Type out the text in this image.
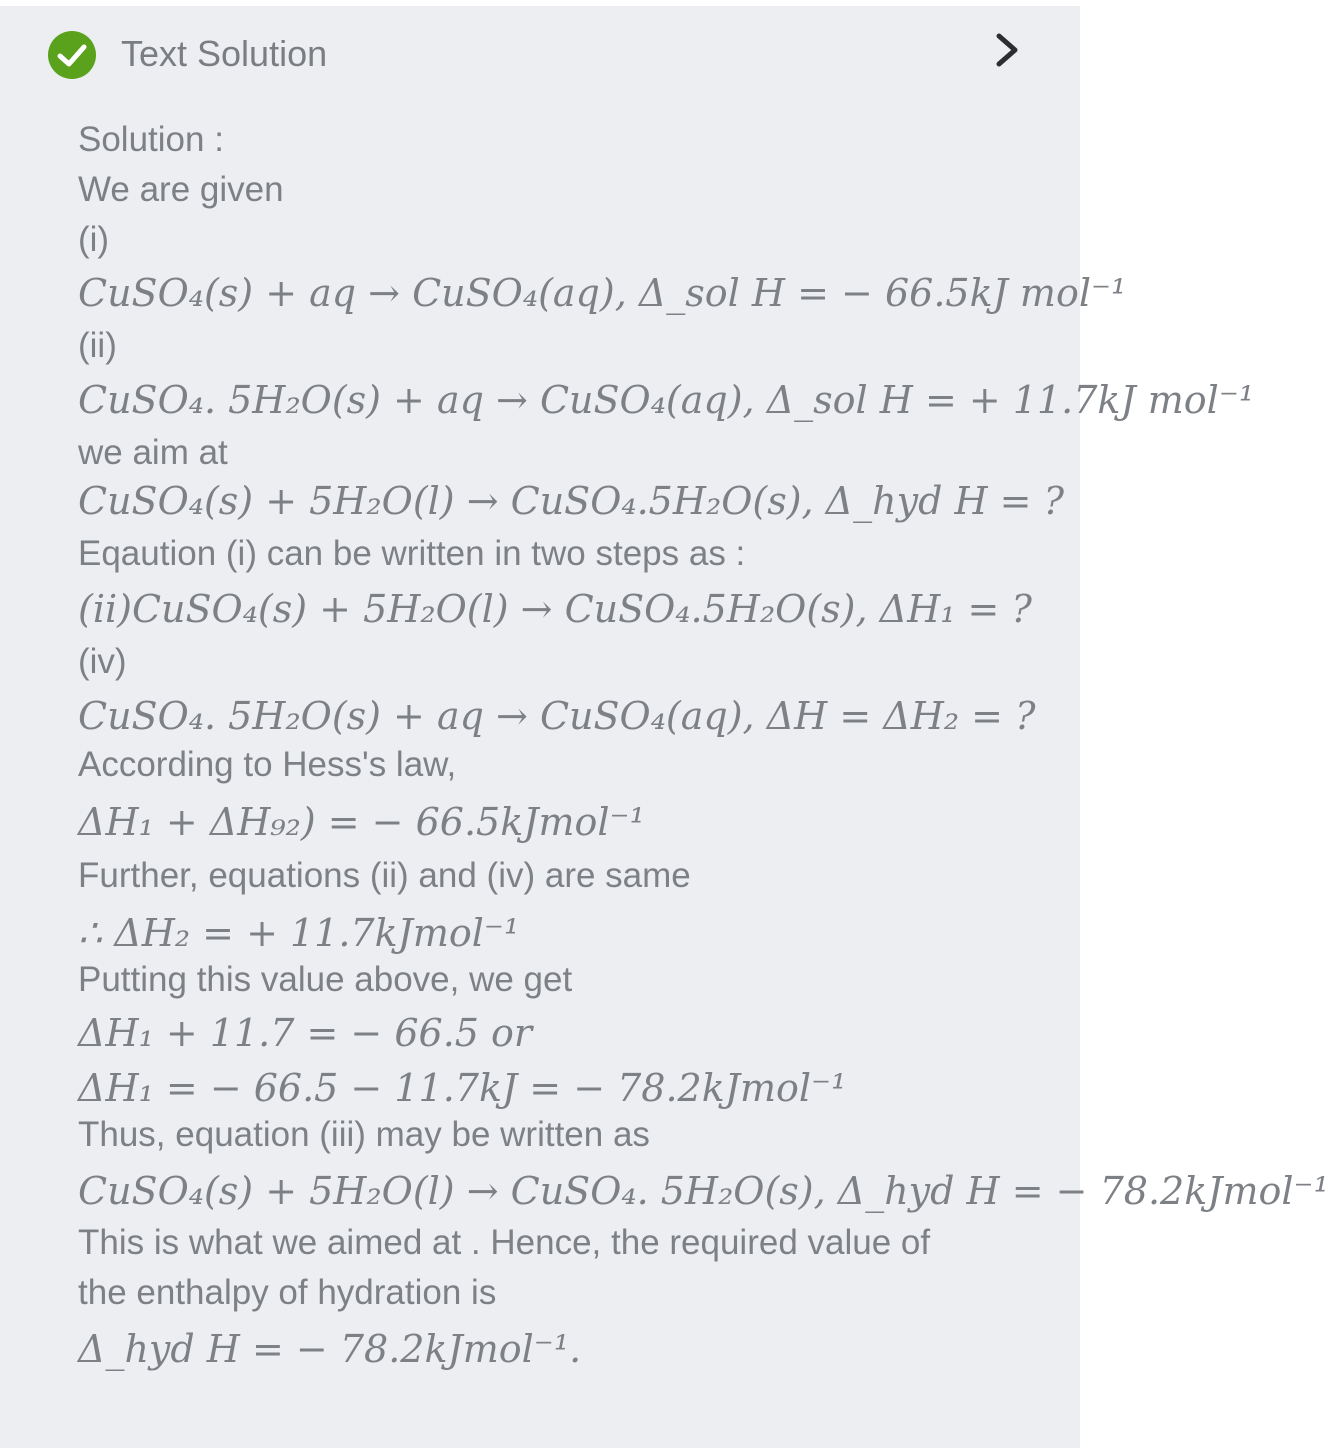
Text Solution
Solution :
We are given
(i)
CuSO₄(s) + aq → CuSO₄(aq), Δ_sol H = − 66.5kJ mol⁻¹
(ii)
CuSO₄. 5H₂O(s) + aq → CuSO₄(aq), Δ_sol H = + 11.7kJ mol⁻¹
we aim at
CuSO₄(s) + 5H₂O(l) → CuSO₄.5H₂O(s), Δ_hyd H = ?
Eqaution (i) can be written in two steps as :
(ii)CuSO₄(s) + 5H₂O(l) → CuSO₄.5H₂O(s), ΔH₁ = ?
(iv)
CuSO₄. 5H₂O(s) + aq → CuSO₄(aq), ΔH = ΔH₂ = ?
According to Hess's law,
ΔH₁ + ΔH₉₂) = − 66.5kJmol⁻¹
Further, equations (ii) and (iv) are same
∴ ΔH₂ = + 11.7kJmol⁻¹
Putting this value above, we get
ΔH₁ + 11.7 = − 66.5 or
ΔH₁ = − 66.5 − 11.7kJ = − 78.2kJmol⁻¹
Thus, equation (iii) may be written as
CuSO₄(s) + 5H₂O(l) → CuSO₄. 5H₂O(s), Δ_hyd H = − 78.2kJmol⁻¹
This is what we aimed at . Hence, the required value of
the enthalpy of hydration is
Δ_hyd H = − 78.2kJmol⁻¹.
